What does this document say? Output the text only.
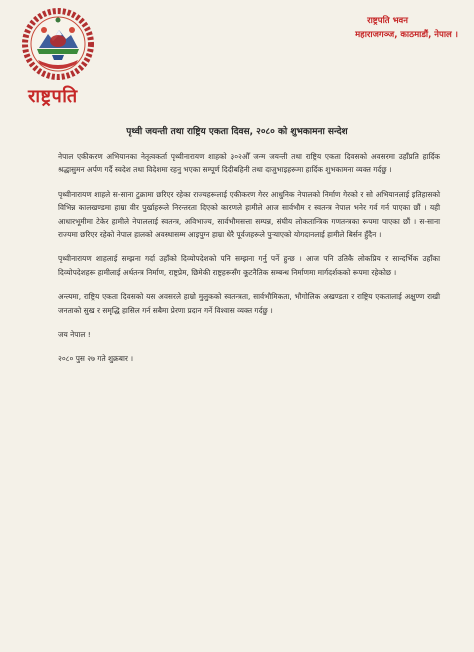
राष्ट्रपति
राष्ट्रपति भवन
महाराजगञ्ज, काठमाडौं, नेपाल ।
पृथ्वी जयन्ती तथा राष्ट्रिय एकता दिवस, २०८० को शुभकामना सन्देश

नेपाल एकीकरण अभियानका नेतृत्वकर्ता पृथ्वीनारायण शाहको ३०२औँ जन्म जयन्ती तथा राष्ट्रिय एकता दिवसको अवसरमा उहाँप्रति हार्दिक श्रद्धासुमन अर्पण गर्दै स्वदेश तथा विदेशमा रहनु भएका सम्पूर्ण दिदीबहिनी तथा दाजुभाइहरूमा हार्दिक शुभकामना व्यक्त गर्दछु ।

पृथ्वीनारायण शाहले स-साना टुक्रामा छरिएर रहेका राज्यहरूलाई एकीकरण गेरर आधुनिक नेपालको निर्माण गेरको र सो अभियानलाई इतिहासको विभिन्न कालखण्डमा हाम्रा वीर पुर्खाहरूले निरन्तरता दिएको कारणले हामीले आज सार्वभौम र स्वतन्त्र नेपाल भनेर गर्व गर्न पाएका छौं । यही आधारभूमीमा टेकेर हामीले नेपाललाई स्वतन्त्र, अविभाज्य, सार्वभौमसत्ता सम्पन्न, संघीय लोकतान्त्रिक गणतन्त्रका रूपमा पाएका छौं । स-साना राज्यमा छरिएर रहेको नेपाल हालको अवस्थासम्म आइपुग्न हाम्रा धेरै पूर्वजहरूले पुऱ्याएको योगदानलाई हामीले बिर्सन हुँदैन ।

पृथ्वीनारायण शाहलाई सम्झना गर्दा उहाँको दिव्योपदेशको पनि सम्झना गर्नु पर्ने हुन्छ । आज पनि उतिकै लोकप्रिय र सान्दर्भिक उहाँका दिव्योपदेशहरू हामीलाई अर्थतन्त्र निर्माण, राष्ट्रप्रेम, छिमेकी राष्ट्रहरूसँग कूटनैतिक सम्बन्ध निर्माणमा मार्गदर्शकको रूपमा रहेकोछ ।

अन्त्यमा, राष्ट्रिय एकता दिवसको यस अवसरले हाम्रो मुलुकको स्वतन्त्रता, सार्वभौमिकता, भौगोलिक अखण्डता र राष्ट्रिय एकतालाई अक्षुण्ण राखी जनताको सुख र समृद्धि हासिल गर्न सबैमा प्रेरणा प्रदान गर्ने विश्वास व्यक्त गर्दछु ।

जय नेपाल !

२०८० पुस २७ गते शुक्रबार ।
